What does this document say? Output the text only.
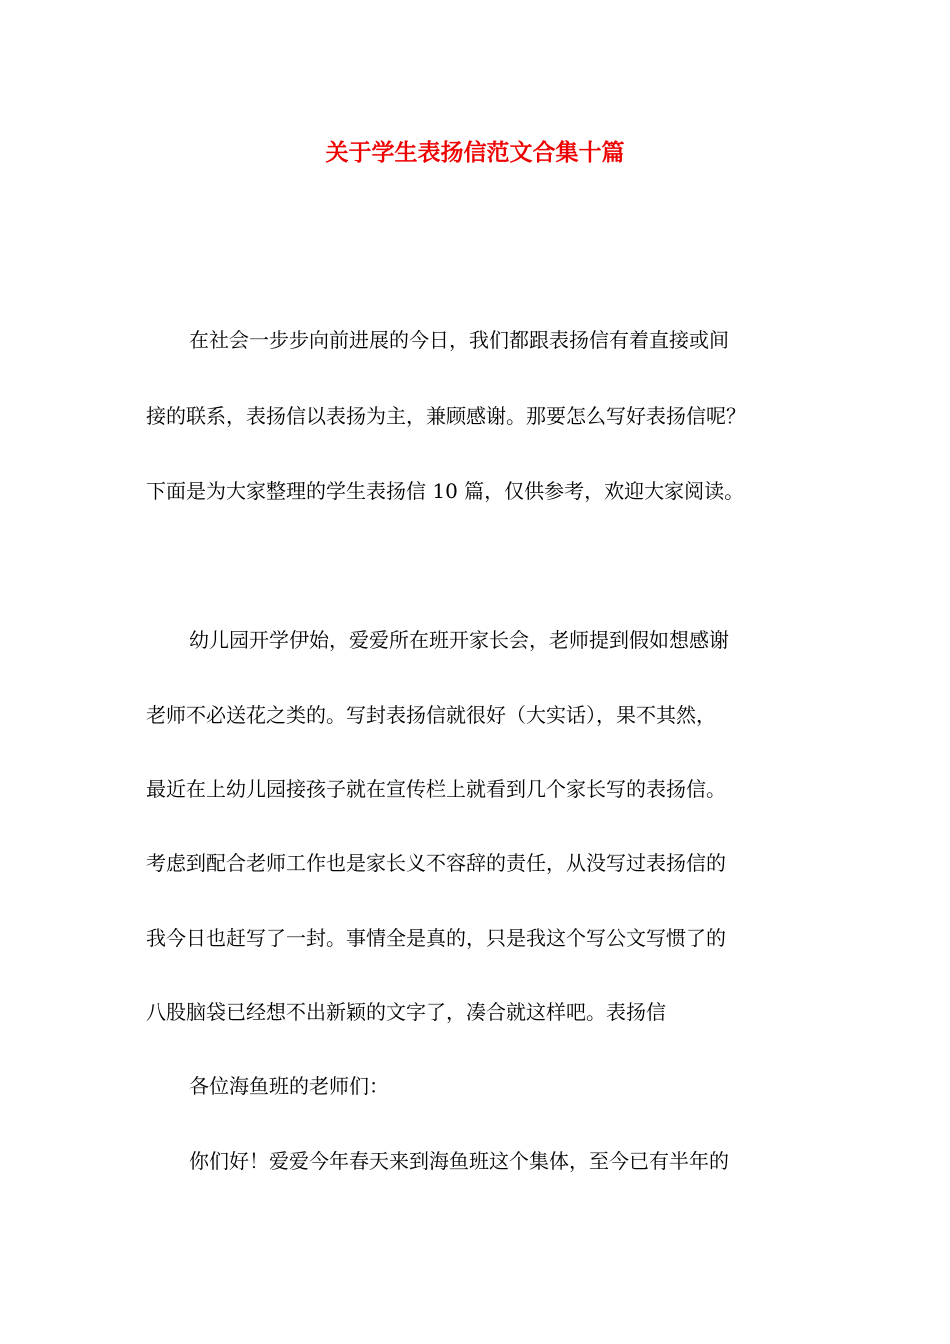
关于学生表扬信范文合集十篇
在社会一步步向前进展的今日，我们都跟表扬信有着直接或间
接的联系，表扬信以表扬为主，兼顾感谢。那要怎么写好表扬信呢？
下面是为大家整理的学生表扬信 10 篇，仅供参考，欢迎大家阅读。
幼儿园开学伊始，爱爱所在班开家长会，老师提到假如想感谢
老师不必送花之类的。写封表扬信就很好（大实话），果不其然，
最近在上幼儿园接孩子就在宣传栏上就看到几个家长写的表扬信。
考虑到配合老师工作也是家长义不容辞的责任，从没写过表扬信的
我今日也赶写了一封。事情全是真的，只是我这个写公文写惯了的
八股脑袋已经想不出新颖的文字了，凑合就这样吧。表扬信
各位海鱼班的老师们：
你们好！爱爱今年春天来到海鱼班这个集体，至今已有半年的
